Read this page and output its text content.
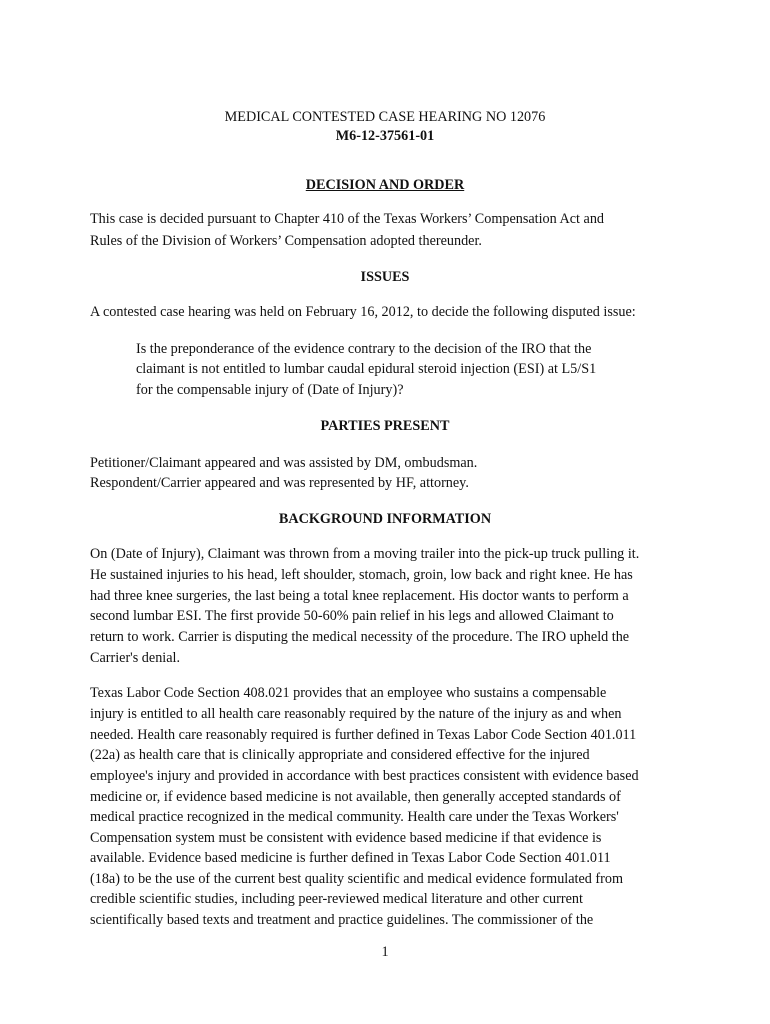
MEDICAL CONTESTED CASE HEARING NO 12076
M6-12-37561-01
DECISION AND ORDER
This case is decided pursuant to Chapter 410 of the Texas Workers’ Compensation Act and
Rules of the Division of Workers’ Compensation adopted thereunder.
ISSUES
A contested case hearing was held on February 16, 2012, to decide the following disputed issue:
Is the preponderance of the evidence contrary to the decision of the IRO that the
claimant is not entitled to lumbar caudal epidural steroid injection (ESI) at L5/S1
for the compensable injury of (Date of Injury)?
PARTIES PRESENT
Petitioner/Claimant appeared and was assisted by DM, ombudsman.
Respondent/Carrier appeared and was represented by HF, attorney.
BACKGROUND INFORMATION
On (Date of Injury), Claimant was thrown from a moving trailer into the pick-up truck pulling it.
He sustained injuries to his head, left shoulder, stomach, groin, low back and right knee. He has
had three knee surgeries, the last being a total knee replacement. His doctor wants to perform a
second lumbar ESI. The first provide 50-60% pain relief in his legs and allowed Claimant to
return to work. Carrier is disputing the medical necessity of the procedure. The IRO upheld the
Carrier's denial.
Texas Labor Code Section 408.021 provides that an employee who sustains a compensable
injury is entitled to all health care reasonably required by the nature of the injury as and when
needed. Health care reasonably required is further defined in Texas Labor Code Section 401.011
(22a) as health care that is clinically appropriate and considered effective for the injured
employee's injury and provided in accordance with best practices consistent with evidence based
medicine or, if evidence based medicine is not available, then generally accepted standards of
medical practice recognized in the medical community. Health care under the Texas Workers'
Compensation system must be consistent with evidence based medicine if that evidence is
available. Evidence based medicine is further defined in Texas Labor Code Section 401.011
(18a) to be the use of the current best quality scientific and medical evidence formulated from
credible scientific studies, including peer-reviewed medical literature and other current
scientifically based texts and treatment and practice guidelines. The commissioner of the
1
